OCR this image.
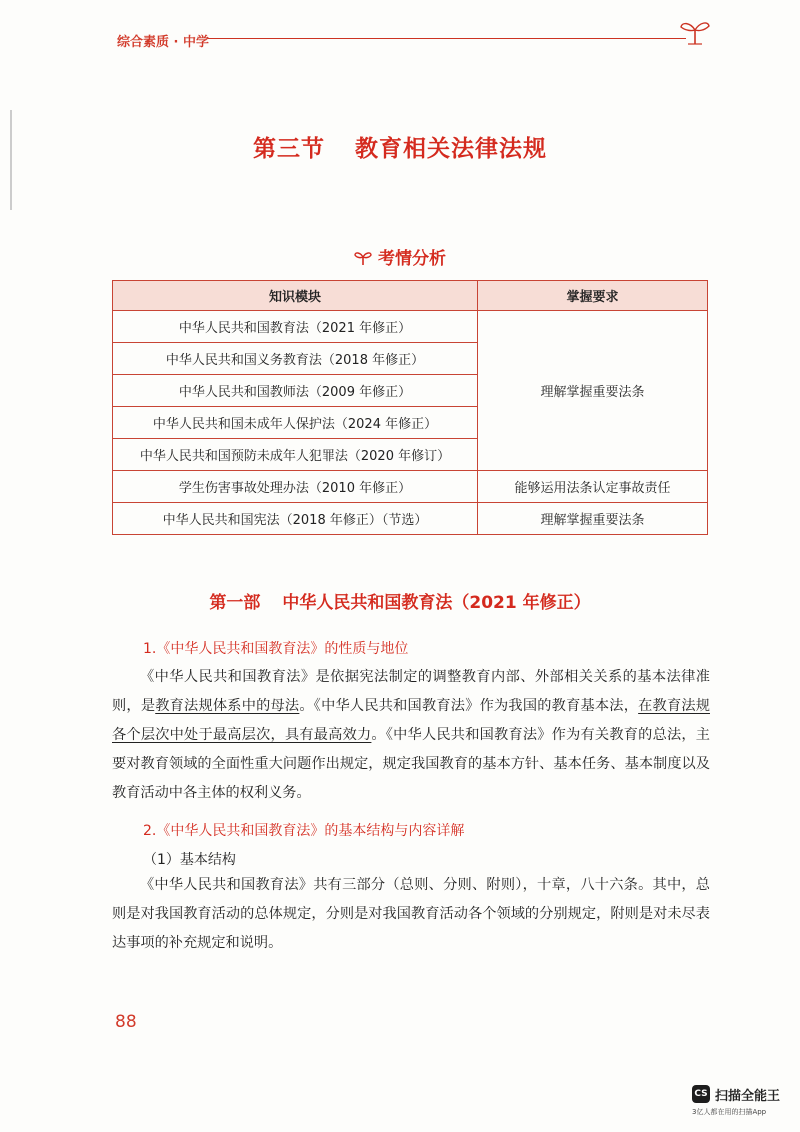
综合素质 · 中学
第三节 教育相关法律法规
考情分析
知识模块	掌握要求
中华人民共和国教育法（2021 年修正）	理解掌握重要法条
中华人民共和国义务教育法（2018 年修正）	
中华人民共和国教师法（2009 年修正）	
中华人民共和国未成年人保护法（2024 年修正）	
中华人民共和国预防未成年人犯罪法（2020 年修订）	
学生伤害事故处理办法（2010 年修正）	能够运用法条认定事故责任
中华人民共和国宪法（2018 年修正）（节选）	理解掌握重要法条
第一部 中华人民共和国教育法（2021 年修正）
1.《中华人民共和国教育法》的性质与地位

《中华人民共和国教育法》是依据宪法制定的调整教育内部、外部相关关系的基本法律准则，是教育法规体系中的母法。《中华人民共和国教育法》作为我国的教育基本法，在教育法规各个层次中处于最高层次，具有最高效力。《中华人民共和国教育法》作为有关教育的总法，主要对教育领域的全面性重大问题作出规定，规定我国教育的基本方针、基本任务、基本制度以及教育活动中各主体的权利义务。

2.《中华人民共和国教育法》的基本结构与内容详解
（1）基本结构

《中华人民共和国教育法》共有三部分（总则、分则、附则），十章，八十六条。其中，总则是对我国教育活动的总体规定，分则是对我国教育活动各个领域的分别规定，附则是对未尽表达事项的补充规定和说明。

88
CS 扫描全能王
3亿人都在用的扫描App
